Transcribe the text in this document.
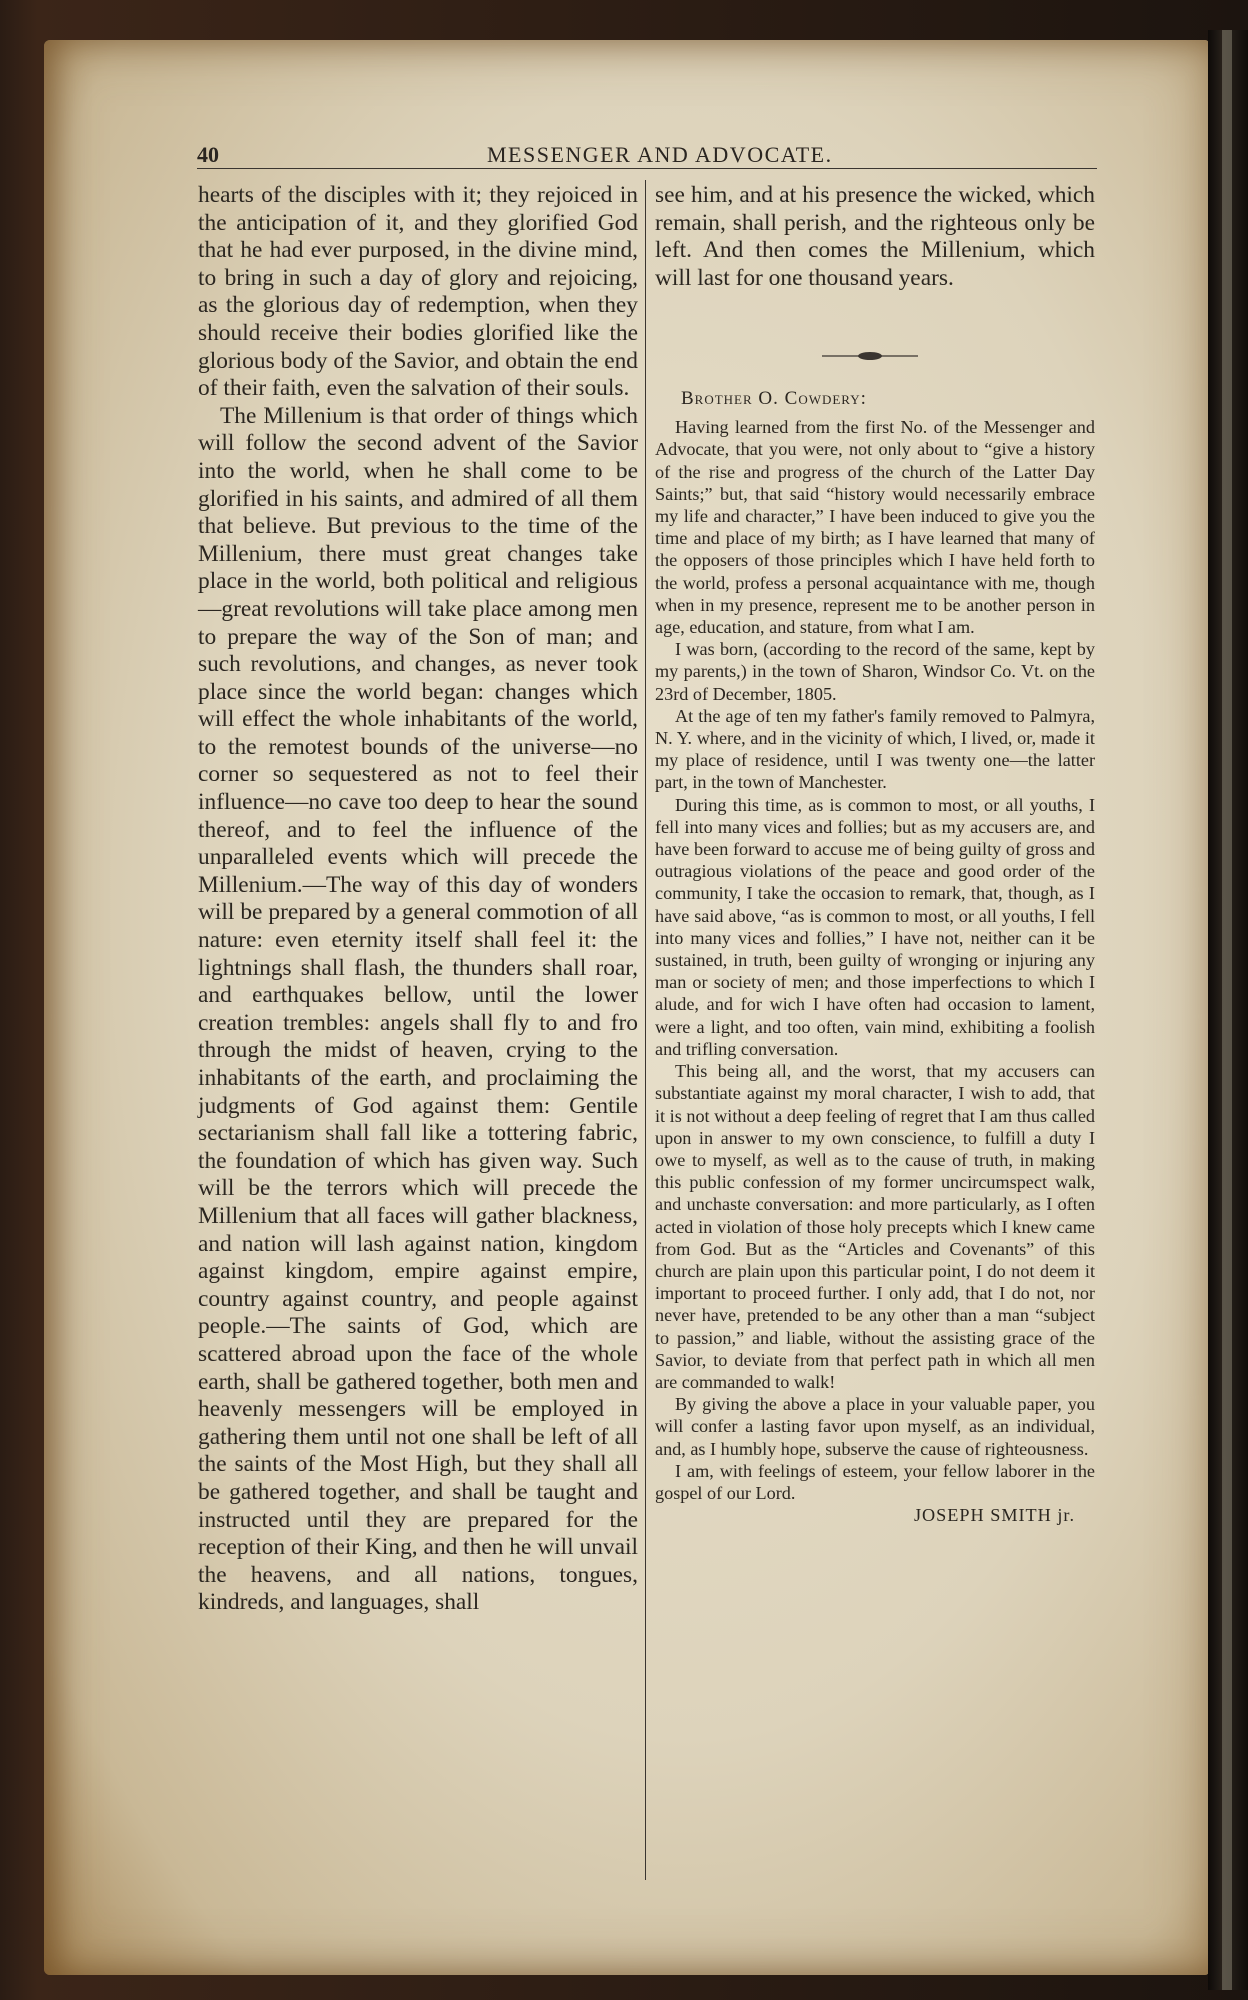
40	MESSENGER AND ADVOCATE.

hearts of the disciples with it; they rejoiced in the anticipation of it, and they glorified God that he had ever purposed, in the divine mind, to bring in such a day of glory and rejoicing, as the glorious day of redemption, when they should receive their bodies glorified like the glorious body of the Savior, and obtain the end of their faith, even the salvation of their souls.

The Millenium is that order of things which will follow the second advent of the Savior into the world, when he shall come to be glorified in his saints, and admired of all them that believe. But previous to the time of the Millenium, there must great changes take place in the world, both political and religious—great revolutions will take place among men to prepare the way of the Son of man; and such revolutions, and changes, as never took place since the world began: changes which will effect the whole inhabitants of the world, to the remotest bounds of the universe—no corner so sequestered as not to feel their influence—no cave too deep to hear the sound thereof, and to feel the influence of the unparalleled events which will precede the Millenium.—The way of this day of wonders will be prepared by a general commotion of all nature: even eternity itself shall feel it: the lightnings shall flash, the thunders shall roar, and earthquakes bellow, until the lower creation trembles: angels shall fly to and fro through the midst of heaven, crying to the inhabitants of the earth, and proclaiming the judgments of God against them: Gentile sectarianism shall fall like a tottering fabric, the foundation of which has given way. Such will be the terrors which will precede the Millenium that all faces will gather blackness, and nation will lash against nation, kingdom against kingdom, empire against empire, country against country, and people against people.—The saints of God, which are scattered abroad upon the face of the whole earth, shall be gathered together, both men and heavenly messengers will be employed in gathering them until not one shall be left of all the saints of the Most High, but they shall all be gathered together, and shall be taught and instructed until they are prepared for the reception of their King, and then he will unvail the heavens, and all nations, tongues, kindreds, and languages, shall

see him, and at his presence the wicked, which remain, shall perish, and the righteous only be left. And then comes the Millenium, which will last for one thousand years.

Brother O. Cowdery:

Having learned from the first No. of the Messenger and Advocate, that you were, not only about to “give a history of the rise and progress of the church of the Latter Day Saints;” but, that said “history would necessarily embrace my life and character,” I have been induced to give you the time and place of my birth; as I have learned that many of the opposers of those principles which I have held forth to the world, profess a personal acquaintance with me, though when in my presence, represent me to be another person in age, education, and stature, from what I am.

I was born, (according to the record of the same, kept by my parents,) in the town of Sharon, Windsor Co. Vt. on the 23rd of December, 1805.

At the age of ten my father's family removed to Palmyra, N. Y. where, and in the vicinity of which, I lived, or, made it my place of residence, until I was twenty one—the latter part, in the town of Manchester.

During this time, as is common to most, or all youths, I fell into many vices and follies; but as my accusers are, and have been forward to accuse me of being guilty of gross and outragious violations of the peace and good order of the community, I take the occasion to remark, that, though, as I have said above, “as is common to most, or all youths, I fell into many vices and follies,” I have not, neither can it be sustained, in truth, been guilty of wronging or injuring any man or society of men; and those imperfections to which I alude, and for wich I have often had occasion to lament, were a light, and too often, vain mind, exhibiting a foolish and trifling conversation.

This being all, and the worst, that my accusers can substantiate against my moral character, I wish to add, that it is not without a deep feeling of regret that I am thus called upon in answer to my own conscience, to fulfill a duty I owe to myself, as well as to the cause of truth, in making this public confession of my former uncircumspect walk, and unchaste conversation: and more particularly, as I often acted in violation of those holy precepts which I knew came from God. But as the “Articles and Covenants” of this church are plain upon this particular point, I do not deem it important to proceed further. I only add, that I do not, nor never have, pretended to be any other than a man “subject to passion,” and liable, without the assisting grace of the Savior, to deviate from that perfect path in which all men are commanded to walk!

By giving the above a place in your valuable paper, you will confer a lasting favor upon myself, as an individual, and, as I humbly hope, subserve the cause of righteousness.

I am, with feelings of esteem, your fellow laborer in the gospel of our Lord.

JOSEPH SMITH jr.
